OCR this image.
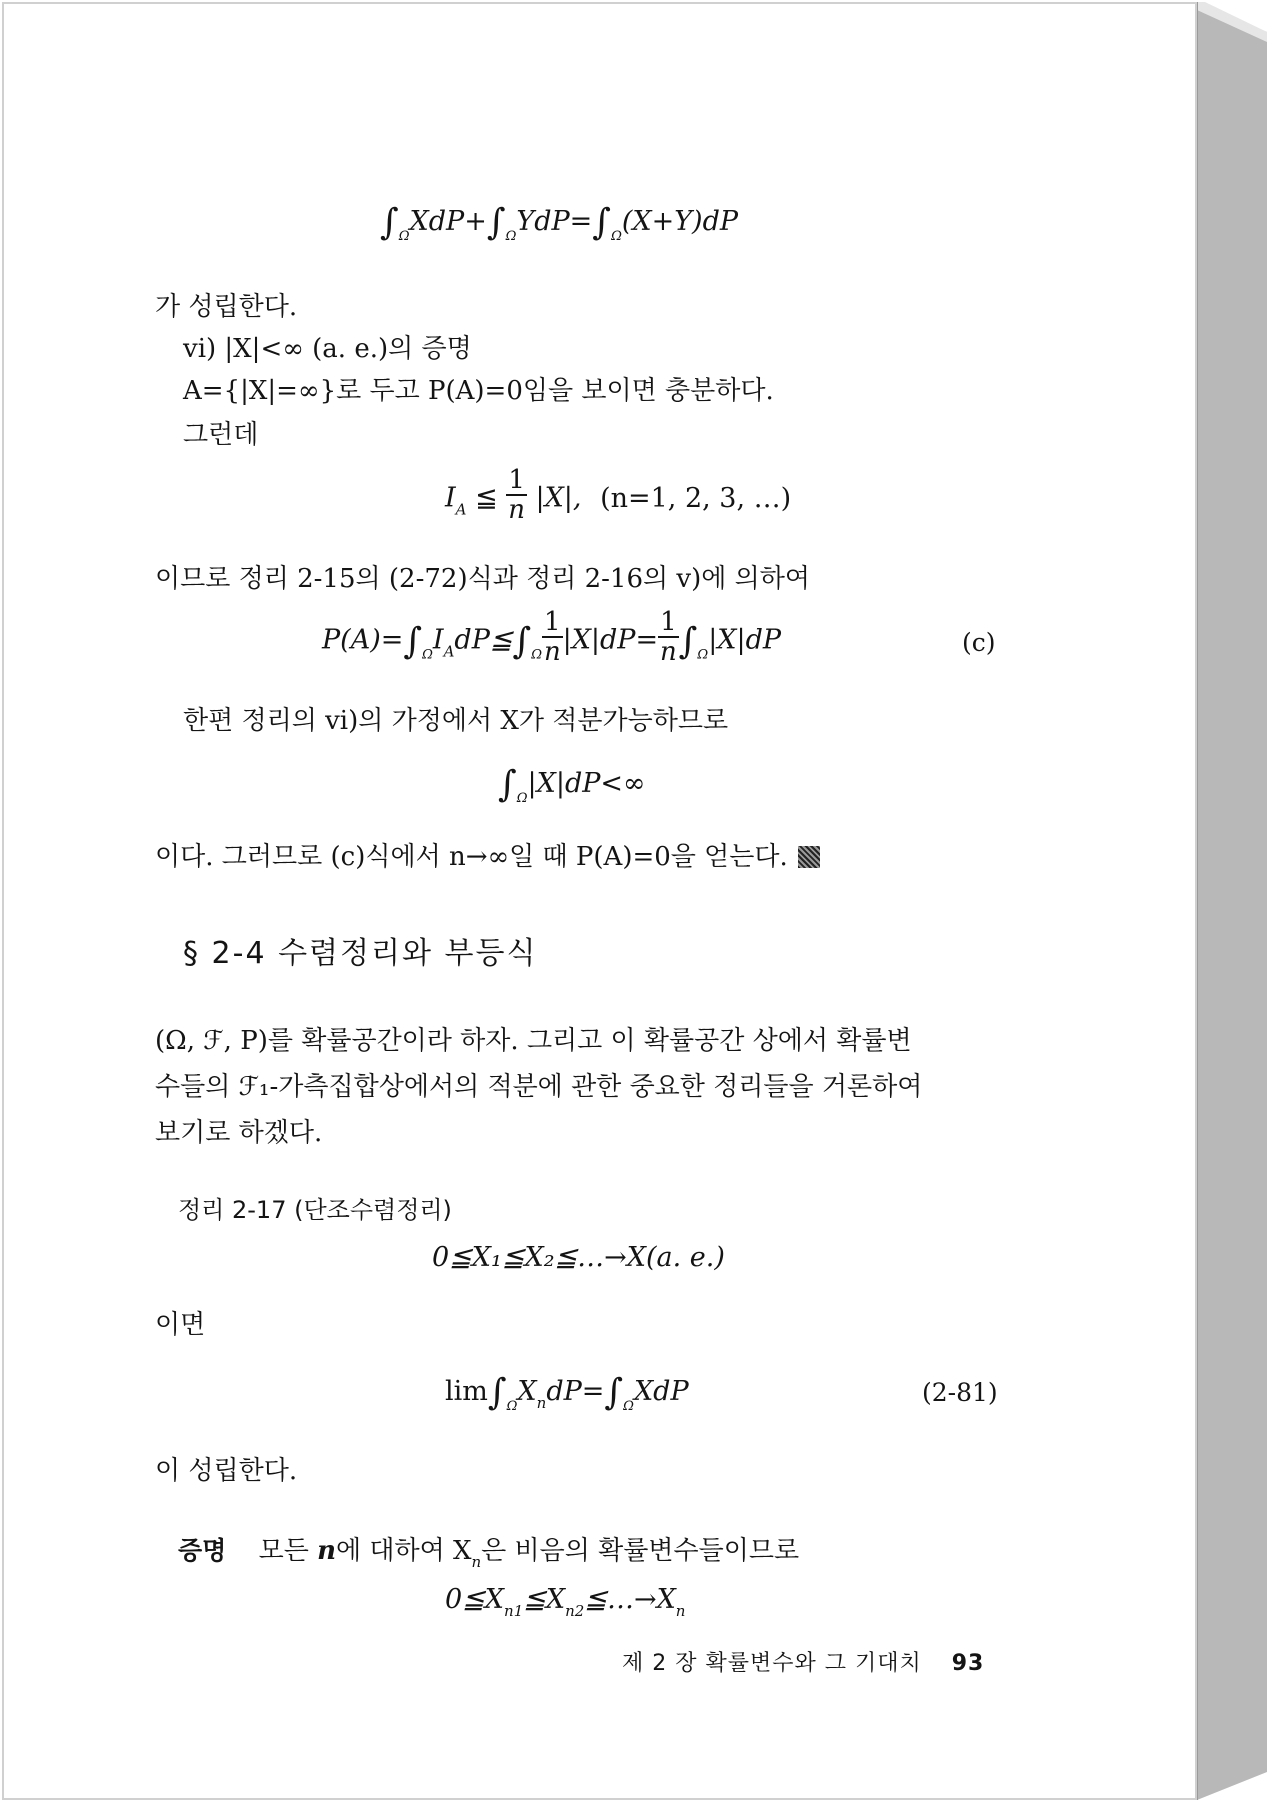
$\int_\Omega XdP+\int_\Omega YdP=\int_\Omega(X+Y)dP$
가 성립한다.
vi) |X|<∞ (a. e.)의 증명
A={|X|=∞}로 두고 P(A)=0임을 보이면 충분하다.
그런데
$I_A$ ≦ $\frac{1}{n} |X|$, (n=1, 2, 3, …)
이므로 정리 2-15의 (2-72)식과 정리 2-16의 v)에 의하여
$P(A)=\int_\Omega I_AdP≦\int_\Omega \frac{1}{n} |X|dP= \frac{1}{n} \int_\Omega|X|dP$	(c)
한편 정리의 vi)의 가정에서 X가 적분가능하므로
$\int_\Omega|X|dP<\infty$
이다. 그러므로 (c)식에서 n→∞일 때 P(A)=0을 얻는다.
§ 2-4 수렴정리와 부등식
(Ω, ℱ, P)를 확률공간이라 하자. 그리고 이 확률공간 상에서 확률변
수들의 ℱ₁-가측집합상에서의 적분에 관한 중요한 정리들을 거론하여
보기로 하겠다.
정리 2-17 (단조수렴정리)
0≦X₁≦X₂≦…→X(a. e.)
이면
$\lim\int_\Omega X_ndP=\int_\Omega XdP$	(2-81)
이 성립한다.
증명 모든 n에 대하여 $X_n$은 비음의 확률변수들이므로
$0≦X_{n1}≦X_{n2}≦\dots\to X_n$
제 2 장 확률변수와 그 기대치 93
